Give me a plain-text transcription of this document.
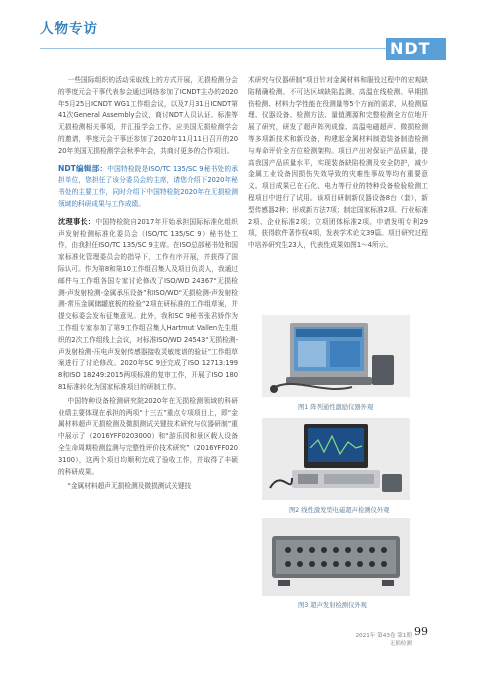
人物专访
NDT

一些国际组织的活动采取线上的方式开展，无损检测分会的季度元会干事代表参会通过网络参加了ICNDT主办的2020年5月25日ICNDT WG1工作组会议，以及7月31日ICNDT第41次General Assembly会议，商讨NDT人员认证、标准等无损检测相关事项，并汇报学会工作。应美国无损检测学会的邀请，季度元会干事还参加了2020年11月11日召开的2020年美国无损检测学会秋季年会，共商讨更多的合作项目。

NDT编辑部：中国特检院是ISO/TC 135/SC 9秘书处的承担单位，您担任了该分委员会的主席，请您介绍下2020年秘书处的主要工作，同时介绍下中国特检院2020年在无损检测领域的科研成果与工作成绩。

沈理事长：中国特检院自2017年开始承担国际标准化组织声发射检测标准化委员会（ISO/TC 135/SC 9）秘书处工作，由我担任ISO/TC 135/SC 9主席。在ISO总部秘书处和国家标准化管理委员会的指导下，工作有序开展，并获得了国际认可。作为第8和第10工作组召集人及项目负责人，我通过邮件与工作组各国专家讨论修改了ISO/WD 24367“无损检测-声发射检测-金属承压设备”和ISO/WD“无损检测-声发射检测-常压金属储罐底板的检验”2项在研标准的工作组草案，并提交标委会发布征集意见。此外，我和SC 9秘书张君娇作为工作组专家参加了第9工作组召集人Hartmut Vallen先生组织的2次工作组线上会议，对标准ISO/WD 24543“无损检测-声发射检测-压电声发射传感器接收灵敏度谱的验证”工作组草案进行了讨论修改。2020年SC 9还完成了ISO 12713:1998和ISO 18249:2015两项标准的复审工作，开展了ISO 18081标准转化为国家标准项目的研制工作。

中国特种设备检测研究院2020年在无损检测领域的科研业绩主要体现在承担的两项“十三五”重点专项项目上，即“金属材料超声无损检测及微损测试关键技术研究与仪器研制”重中展示了（2016YFF0203000）和“游乐园和景区载人设备全生命周期检测监测与完整性评价技术研究”（2016YFF0203100），这两个项目均顺利完成了验收工作，并取得了丰硕的科研成果。

“金属材料超声无损检测及微损测试关键技

术研究与仪器研制”项目针对金属材料和服役过程中的宏观缺陷精确检测、不可达区域缺陷监测、高温在线检测、早期损伤检测、材料力学性能在役测量等5个方面的需求，从检测原理、仪器设备、检测方法、量值溯源和完整检测全方位地开展了研究，研发了超声阵列成像、高温电磁超声、微损检测等多项新技术和新设备，构建起金属材料制造装备制造检测与寿命评价全方位检测架构。项目产出对保证产品质量，提高我国产品质量水平，实现装备缺陷检测及安全防护，减少金属工业设备因损伤失效导致的灾难性事故等均有重要意义。项目成果已在石化、电力等行业的特种设备检验检测工程项目中进行了试用。该项目研制新仪器设备8台（套），新型传感器2种；形成新方法7项；制定国家标准2项、行业标准2项、企业标准2项；立项团体标准2项。申请发明专利29项，获得软件著作权4项，发表学术论文39篇。项目研究过程中培养研究生23人，代表性成果如图1～4所示。

图1 阵列通性激励仪器外观
图2 线性激发型电磁超声检测仪外观
图3 超声发射检测仪外观
2021年 第43卷 第1期
无损检测
99
